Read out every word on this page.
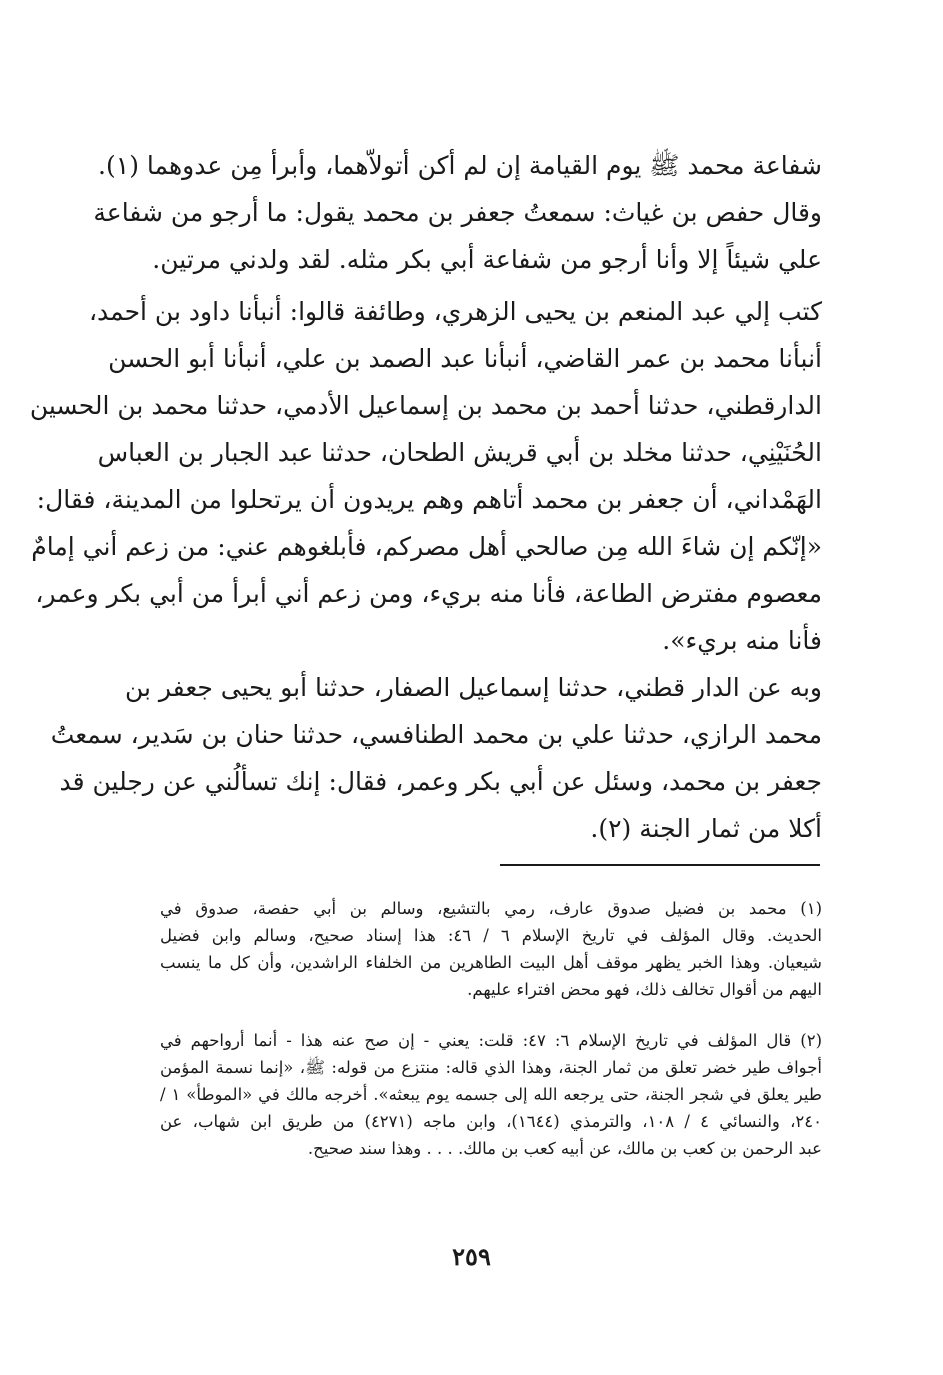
شفاعة محمد ﷺ يوم القيامة إن لم أكن أتولاّهما، وأبرأ مِن عدوهما (١).
وقال حفص بن غياث: سمعتُ جعفر بن محمد يقول: ما أرجو من شفاعة
علي شيئاً إلا وأنا أرجو من شفاعة أبي بكر مثله. لقد ولدني مرتين.
كتب إلي عبد المنعم بن يحيى الزهري، وطائفة قالوا: أنبأنا داود بن أحمد،
أنبأنا محمد بن عمر القاضي، أنبأنا عبد الصمد بن علي، أنبأنا أبو الحسن
الدارقطني، حدثنا أحمد بن محمد بن إسماعيل الأدمي، حدثنا محمد بن الحسين
الحُنَيْنِي، حدثنا مخلد بن أبي قريش الطحان، حدثنا عبد الجبار بن العباس
الهَمْداني، أن جعفر بن محمد أتاهم وهم يريدون أن يرتحلوا من المدينة، فقال:
«إنّكم إن شاءَ الله مِن صالحي أهل مصركم، فأبلغوهم عني: من زعم أني إمامٌ
معصوم مفترض الطاعة، فأنا منه بريء، ومن زعم أني أبرأ من أبي بكر وعمر،
فأنا منه بريء».
وبه عن الدار قطني، حدثنا إسماعيل الصفار، حدثنا أبو يحيى جعفر بن
محمد الرازي، حدثنا علي بن محمد الطنافسي، حدثنا حنان بن سَدير، سمعتُ
جعفر بن محمد، وسئل عن أبي بكر وعمر، فقال: إنك تسألُني عن رجلين قد
أكلا من ثمار الجنة (٢).
(١) محمد بن فضيل صدوق عارف، رمي بالتشيع، وسالم بن أبي حفصة، صدوق في
الحديث. وقال المؤلف في تاريخ الإسلام ٦ / ٤٦: هذا إسناد صحيح، وسالم وابن فضيل
شيعيان. وهذا الخبر يظهر موقف أهل البيت الطاهرين من الخلفاء الراشدين، وأن كل ما ينسب
اليهم من أقوال تخالف ذلك، فهو محض افتراء عليهم.
(٢) قال المؤلف في تاريخ الإسلام ٦: ٤٧: قلت: يعني - إن صح عنه هذا - أنما أرواحهم في
أجواف طير خضر تعلق من ثمار الجنة، وهذا الذي قاله: منتزع من قوله: ﷺ، «إنما نسمة المؤمن
طير يعلق في شجر الجنة، حتى يرجعه الله إلى جسمه يوم يبعثه». أخرجه مالك في «الموطأ» ١ /
٢٤٠، والنسائي ٤ / ١٠٨، والترمذي (١٦٤٤)، وابن ماجه (٤٢٧١) من طريق ابن شهاب، عن
عبد الرحمن بن كعب بن مالك، عن أبيه كعب بن مالك. . . . وهذا سند صحيح.
٢٥٩
